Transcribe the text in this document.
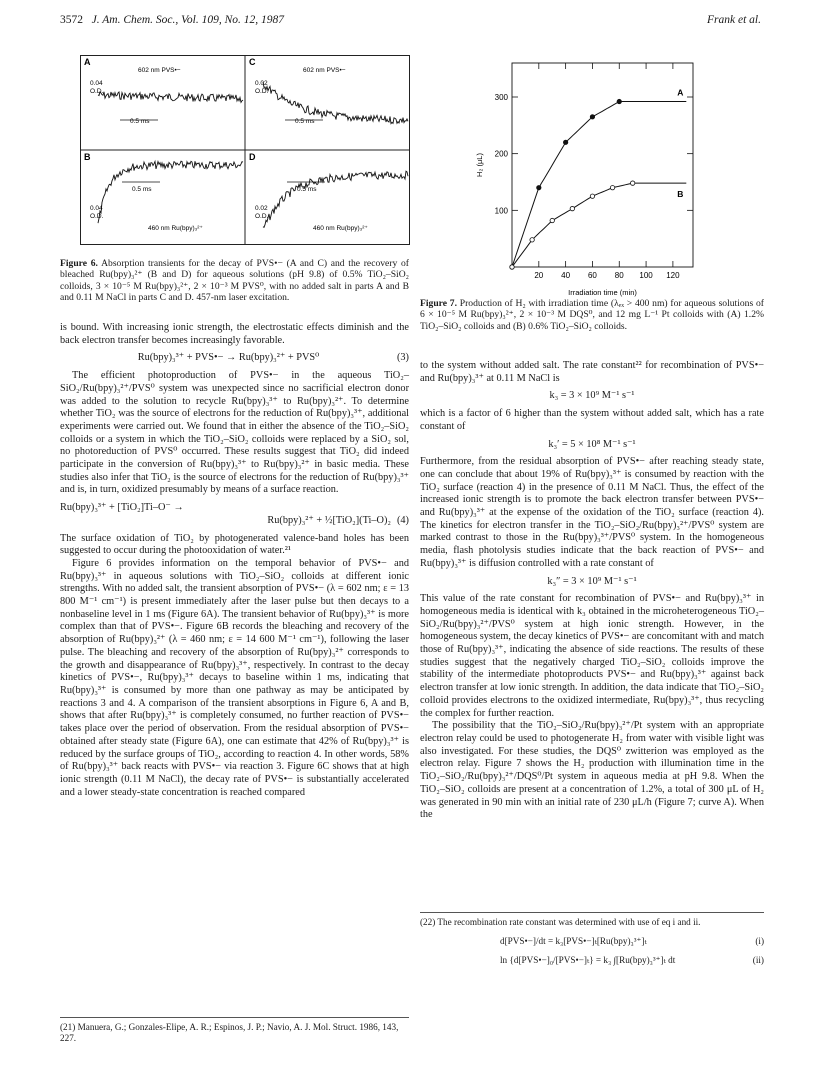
3572 J. Am. Chem. Soc., Vol. 109, No. 12, 1987	Frank et al.
A
602 nm PVS•−
0.04
O.D.
0.5 ms
B
460 nm Ru(bpy)₃²⁺
0.04
O.D.
0.5 ms
C
602 nm PVS•−
0.02
O.D.
0.5 ms
D
460 nm Ru(bpy)₃²⁺
0.02
O.D.
0.5 ms
Figure 6. Absorption transients for the decay of PVS•− (A and C) and the recovery of bleached Ru(bpy)₃²⁺ (B and D) for aqueous solutions (pH 9.8) of 0.5% TiO₂–SiO₂ colloids, 3 × 10⁻⁵ M Ru(bpy)₃²⁺, 2 × 10⁻³ M PVS⁰, with no added salt in parts A and B and 0.11 M NaCl in parts C and D. 457-nm laser excitation.
20 40 60 80 100 120
100
200
300
Irradiation time (min)
H₂ (μL)
A
B
Figure 7. Production of H₂ with irradiation time (λₑₓ > 400 nm) for aqueous solutions of 6 × 10⁻⁵ M Ru(bpy)₃²⁺, 2 × 10⁻³ M DQS⁰, and 12 mg L⁻¹ Pt colloids with (A) 1.2% TiO₂–SiO₂ colloids and (B) 0.6% TiO₂–SiO₂ colloids.

is bound. With increasing ionic strength, the electrostatic effects diminish and the back electron transfer becomes increasingly favorable.

Ru(bpy)₃³⁺ + PVS•− → Ru(bpy)₃²⁺ + PVS⁰	(3)

The efficient photoproduction of PVS•− in the aqueous TiO₂–SiO₂/Ru(bpy)₃²⁺/PVS⁰ system was unexpected since no sacrificial electron donor was added to the solution to recycle Ru(bpy)₃³⁺ to Ru(bpy)₃²⁺. To determine whether TiO₂ was the source of electrons for the reduction of Ru(bpy)₃³⁺, additional experiments were carried out. We found that in either the absence of the TiO₂–SiO₂ colloids or a system in which the TiO₂–SiO₂ colloids were replaced by a SiO₂ sol, no photoreduction of PVS⁰ occurred. These results suggest that TiO₂ did indeed participate in the conversion of Ru(bpy)₃³⁺ to Ru(bpy)₃²⁺ in basic media. These studies also infer that TiO₂ is the source of electrons for the reduction of Ru(bpy)₃³⁺ and is, in turn, oxidized presumably by means of a surface reaction.

Ru(bpy)₃³⁺ + [TiO₂]Ti–O⁻ →
Ru(bpy)₃²⁺ + ½[TiO₂](Ti–O)₂ (4)

The surface oxidation of TiO₂ by photogenerated valence-band holes has been suggested to occur during the photooxidation of water.²¹

Figure 6 provides information on the temporal behavior of PVS•− and Ru(bpy)₃³⁺ in aqueous solutions with TiO₂–SiO₂ colloids at different ionic strengths. With no added salt, the transient absorption of PVS•− (λ = 602 nm; ε = 13 800 M⁻¹ cm⁻¹) is present immediately after the laser pulse but then decays to a nonbaseline level in 1 ms (Figure 6A). The transient behavior of Ru(bpy)₃³⁺ is more complex than that of PVS•−. Figure 6B records the bleaching and recovery of the absorption of Ru(bpy)₃²⁺ (λ = 460 nm; ε = 14 600 M⁻¹ cm⁻¹), following the laser pulse. The bleaching and recovery of the absorption of Ru(bpy)₃²⁺ corresponds to the growth and disappearance of Ru(bpy)₃³⁺, respectively. In contrast to the decay kinetics of PVS•−, Ru(bpy)₃³⁺ decays to baseline within 1 ms, indicating that Ru(bpy)₃³⁺ is consumed by more than one pathway as may be anticipated by reactions 3 and 4. A comparison of the transient absorptions in Figure 6, A and B, shows that after Ru(bpy)₃³⁺ is completely consumed, no further reaction of PVS•− takes place over the period of observation. From the residual absorption of PVS•− obtained after steady state (Figure 6A), one can estimate that 42% of Ru(bpy)₃³⁺ is reduced by the surface groups of TiO₂, according to reaction 4. In other words, 58% of Ru(bpy)₃³⁺ back reacts with PVS•− via reaction 3. Figure 6C shows that at high ionic strength (0.11 M NaCl), the decay rate of PVS•− is substantially accelerated and a lower steady-state concentration is reached compared

to the system without added salt. The rate constant²² for recombination of PVS•− and Ru(bpy)₃³⁺ at 0.11 M NaCl is

k₃ = 3 × 10⁹ M⁻¹ s⁻¹

which is a factor of 6 higher than the system without added salt, which has a rate constant of

k₃′ = 5 × 10⁸ M⁻¹ s⁻¹

Furthermore, from the residual absorption of PVS•− after reaching steady state, one can conclude that about 19% of Ru(bpy)₃³⁺ is consumed by reaction with the TiO₂ surface (reaction 4) in the presence of 0.11 M NaCl. Thus, the effect of the increased ionic strength is to promote the back electron transfer between PVS•− and Ru(bpy)₃³⁺ at the expense of the oxidation of the TiO₂ surface (reaction 4). The kinetics for electron transfer in the TiO₂–SiO₂/Ru(bpy)₃²⁺/PVS⁰ system are marked contrast to those in the Ru(bpy)₃³⁺/PVS⁰ system. In the homogeneous media, flash photolysis studies indicate that the back reaction of PVS•− and Ru(bpy)₃³⁺ is diffusion controlled with a rate constant of

k₃″ = 3 × 10⁹ M⁻¹ s⁻¹

This value of the rate constant for recombination of PVS•− and Ru(bpy)₃³⁺ in homogeneous media is identical with k₃ obtained in the microheterogeneous TiO₂–SiO₂/Ru(bpy)₃²⁺/PVS⁰ system at high ionic strength. However, in the homogeneous system, the decay kinetics of PVS•− are concomitant with and match those of Ru(bpy)₃³⁺, indicating the absence of side reactions. The results of these studies suggest that the negatively charged TiO₂–SiO₂ colloids improve the stability of the intermediate photoproducts PVS•− and Ru(bpy)₃³⁺ against back electron transfer at low ionic strength. In addition, the data indicate that TiO₂–SiO₂ colloid provides electrons to the oxidized intermediate, Ru(bpy)₃³⁺, thus recycling the complex for further reaction.

The possibility that the TiO₂–SiO₂/Ru(bpy)₃²⁺/Pt system with an appropriate electron relay could be used to photogenerate H₂ from water with visible light was also investigated. For these studies, the DQS⁰ zwitterion was employed as the electron relay. Figure 7 shows the H₂ production with illumination time in the TiO₂–SiO₂/Ru(bpy)₃²⁺/DQS⁰/Pt system in aqueous media at pH 9.8. When the TiO₂–SiO₂ colloids are present at a concentration of 1.2%, a total of 300 μL of H₂ was generated in 90 min with an initial rate of 230 μL/h (Figure 7; curve A). When the

(21) Manuera, G.; Gonzales-Elipe, A. R.; Espinos, J. P.; Navio, A. J. Mol. Struct. 1986, 143, 227.
(22) The recombination rate constant was determined with use of eq i and ii.
d[PVS•−]/dt = k₃[PVS•−]ₜ[Ru(bpy)₃³⁺]ₜ	(i)
ln {d[PVS•−]₀/[PVS•−]ₜ} = k₃ ∫[Ru(bpy)₃³⁺]ₜ dt	(ii)
